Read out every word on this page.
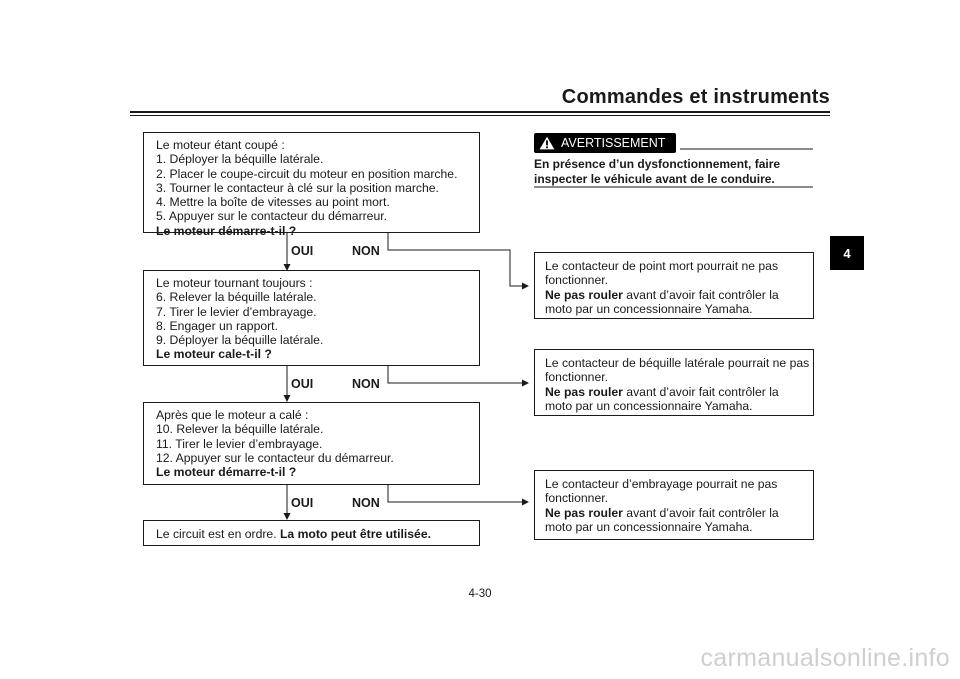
Commandes et instruments
4
Le moteur étant coupé :
1. Déployer la béquille latérale.
2. Placer le coupe-circuit du moteur en position marche.
3. Tourner le contacteur à clé sur la position marche.
4. Mettre la boîte de vitesses au point mort.
5. Appuyer sur le contacteur du démarreur.
Le moteur démarre-t-il ?
OUI	NON
Le moteur tournant toujours :
6. Relever la béquille latérale.
7. Tirer le levier d’embrayage.
8. Engager un rapport.
9. Déployer la béquille latérale.
Le moteur cale-t-il ?
OUI	NON
Après que le moteur a calé :
10. Relever la béquille latérale.
11. Tirer le levier d’embrayage.
12. Appuyer sur le contacteur du démarreur.
Le moteur démarre-t-il ?
OUI	NON
Le circuit est en ordre. La moto peut être utilisée.
AVERTISSEMENT
En présence d’un dysfonctionnement, faire inspecter le véhicule avant de le conduire.
Le contacteur de point mort pourrait ne pas
fonctionner.
Ne pas rouler avant d’avoir fait contrôler la
moto par un concessionnaire Yamaha.
Le contacteur de béquille latérale pourrait ne pas
fonctionner.
Ne pas rouler avant d’avoir fait contrôler la
moto par un concessionnaire Yamaha.
Le contacteur d’embrayage pourrait ne pas
fonctionner.
Ne pas rouler avant d’avoir fait contrôler la
moto par un concessionnaire Yamaha.
4-30
carmanualsonline.info
